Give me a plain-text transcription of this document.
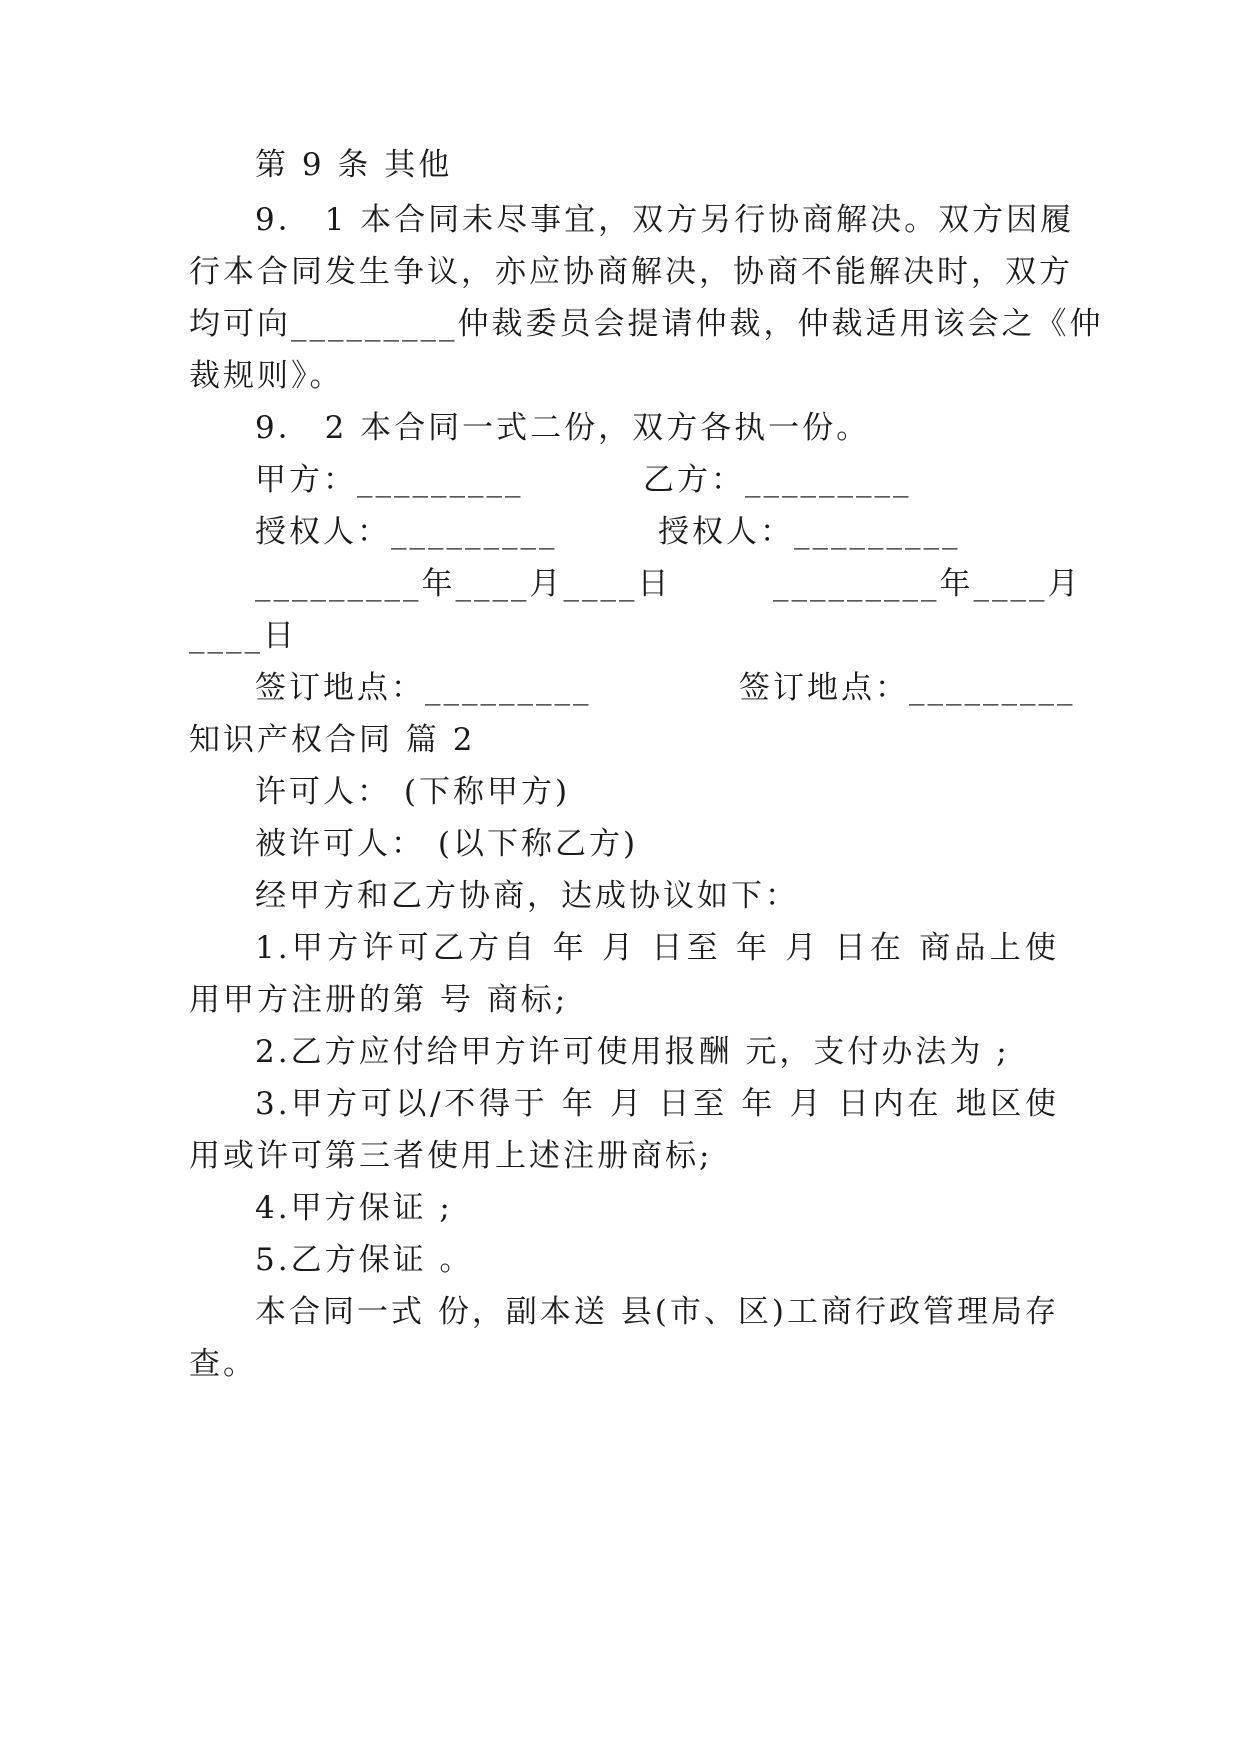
第 9 条 其他
9． 1 本合同未尽事宜，双方另行协商解决。双方因履
行本合同发生争议，亦应协商解决，协商不能解决时，双方
均可向_________仲裁委员会提请仲裁，仲裁适用该会之《仲
裁规则》。
9． 2 本合同一式二份，双方各执一份。
甲方：_________	乙方：_________
授权人：_________	授权人：_________
_________年____月____日	_________年____月
____日
签订地点：_________	签订地点：_________
知识产权合同 篇 2
许可人： (下称甲方)
被许可人： (以下称乙方)
经甲方和乙方协商，达成协议如下：
1.甲方许可乙方自 年 月 日至 年 月 日在 商品上使
用甲方注册的第 号 商标;
2.乙方应付给甲方许可使用报酬 元，支付办法为 ;
3.甲方可以/不得于 年 月 日至 年 月 日内在 地区使
用或许可第三者使用上述注册商标;
4.甲方保证 ;
5.乙方保证 。
本合同一式 份，副本送 县(市、区)工商行政管理局存
查。
